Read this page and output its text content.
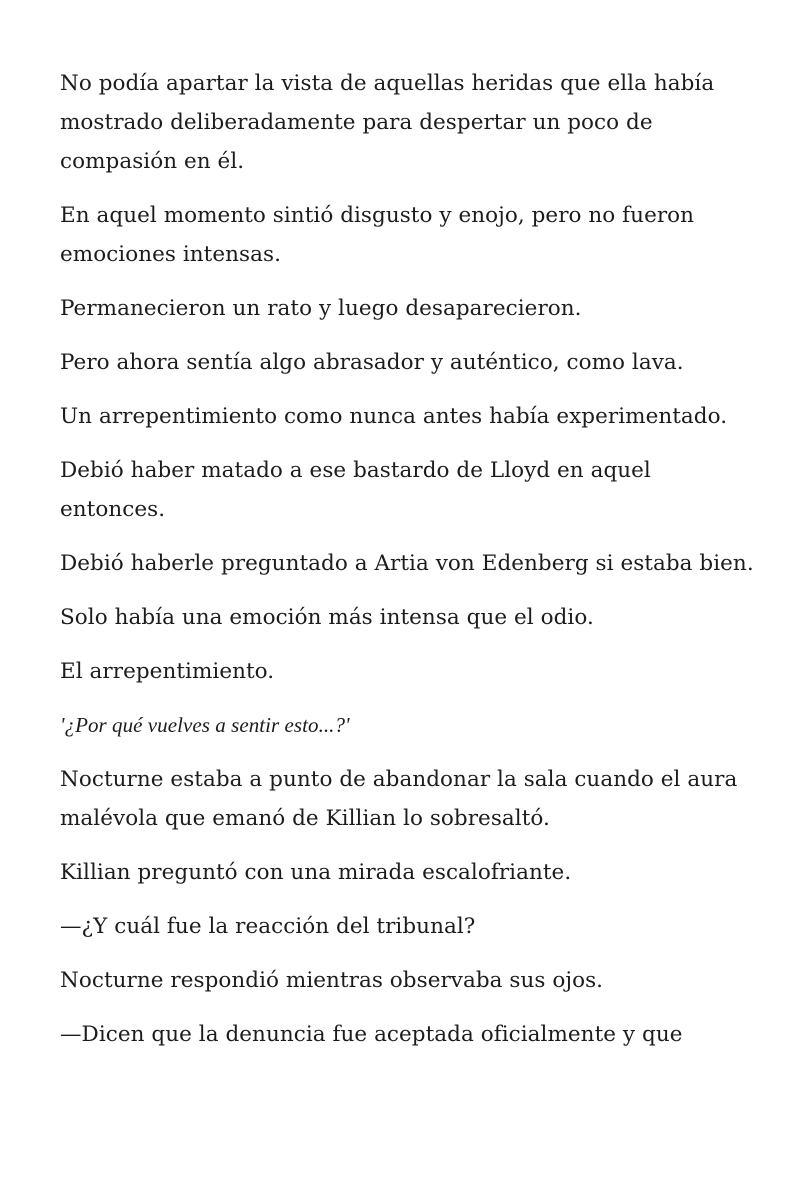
No podía apartar la vista de aquellas heridas que ella había mostrado deliberadamente para despertar un poco de compasión en él.

En aquel momento sintió disgusto y enojo, pero no fueron emociones intensas.

Permanecieron un rato y luego desaparecieron.

Pero ahora sentía algo abrasador y auténtico, como lava.

Un arrepentimiento como nunca antes había experimentado.

Debió haber matado a ese bastardo de Lloyd en aquel entonces.

Debió haberle preguntado a Artia von Edenberg si estaba bien.

Solo había una emoción más intensa que el odio.

El arrepentimiento.

'¿Por qué vuelves a sentir esto...?'

Nocturne estaba a punto de abandonar la sala cuando el aura malévola que emanó de Killian lo sobresaltó.

Killian preguntó con una mirada escalofriante.

—¿Y cuál fue la reacción del tribunal?

Nocturne respondió mientras observaba sus ojos.

—Dicen que la denuncia fue aceptada oficialmente y que
